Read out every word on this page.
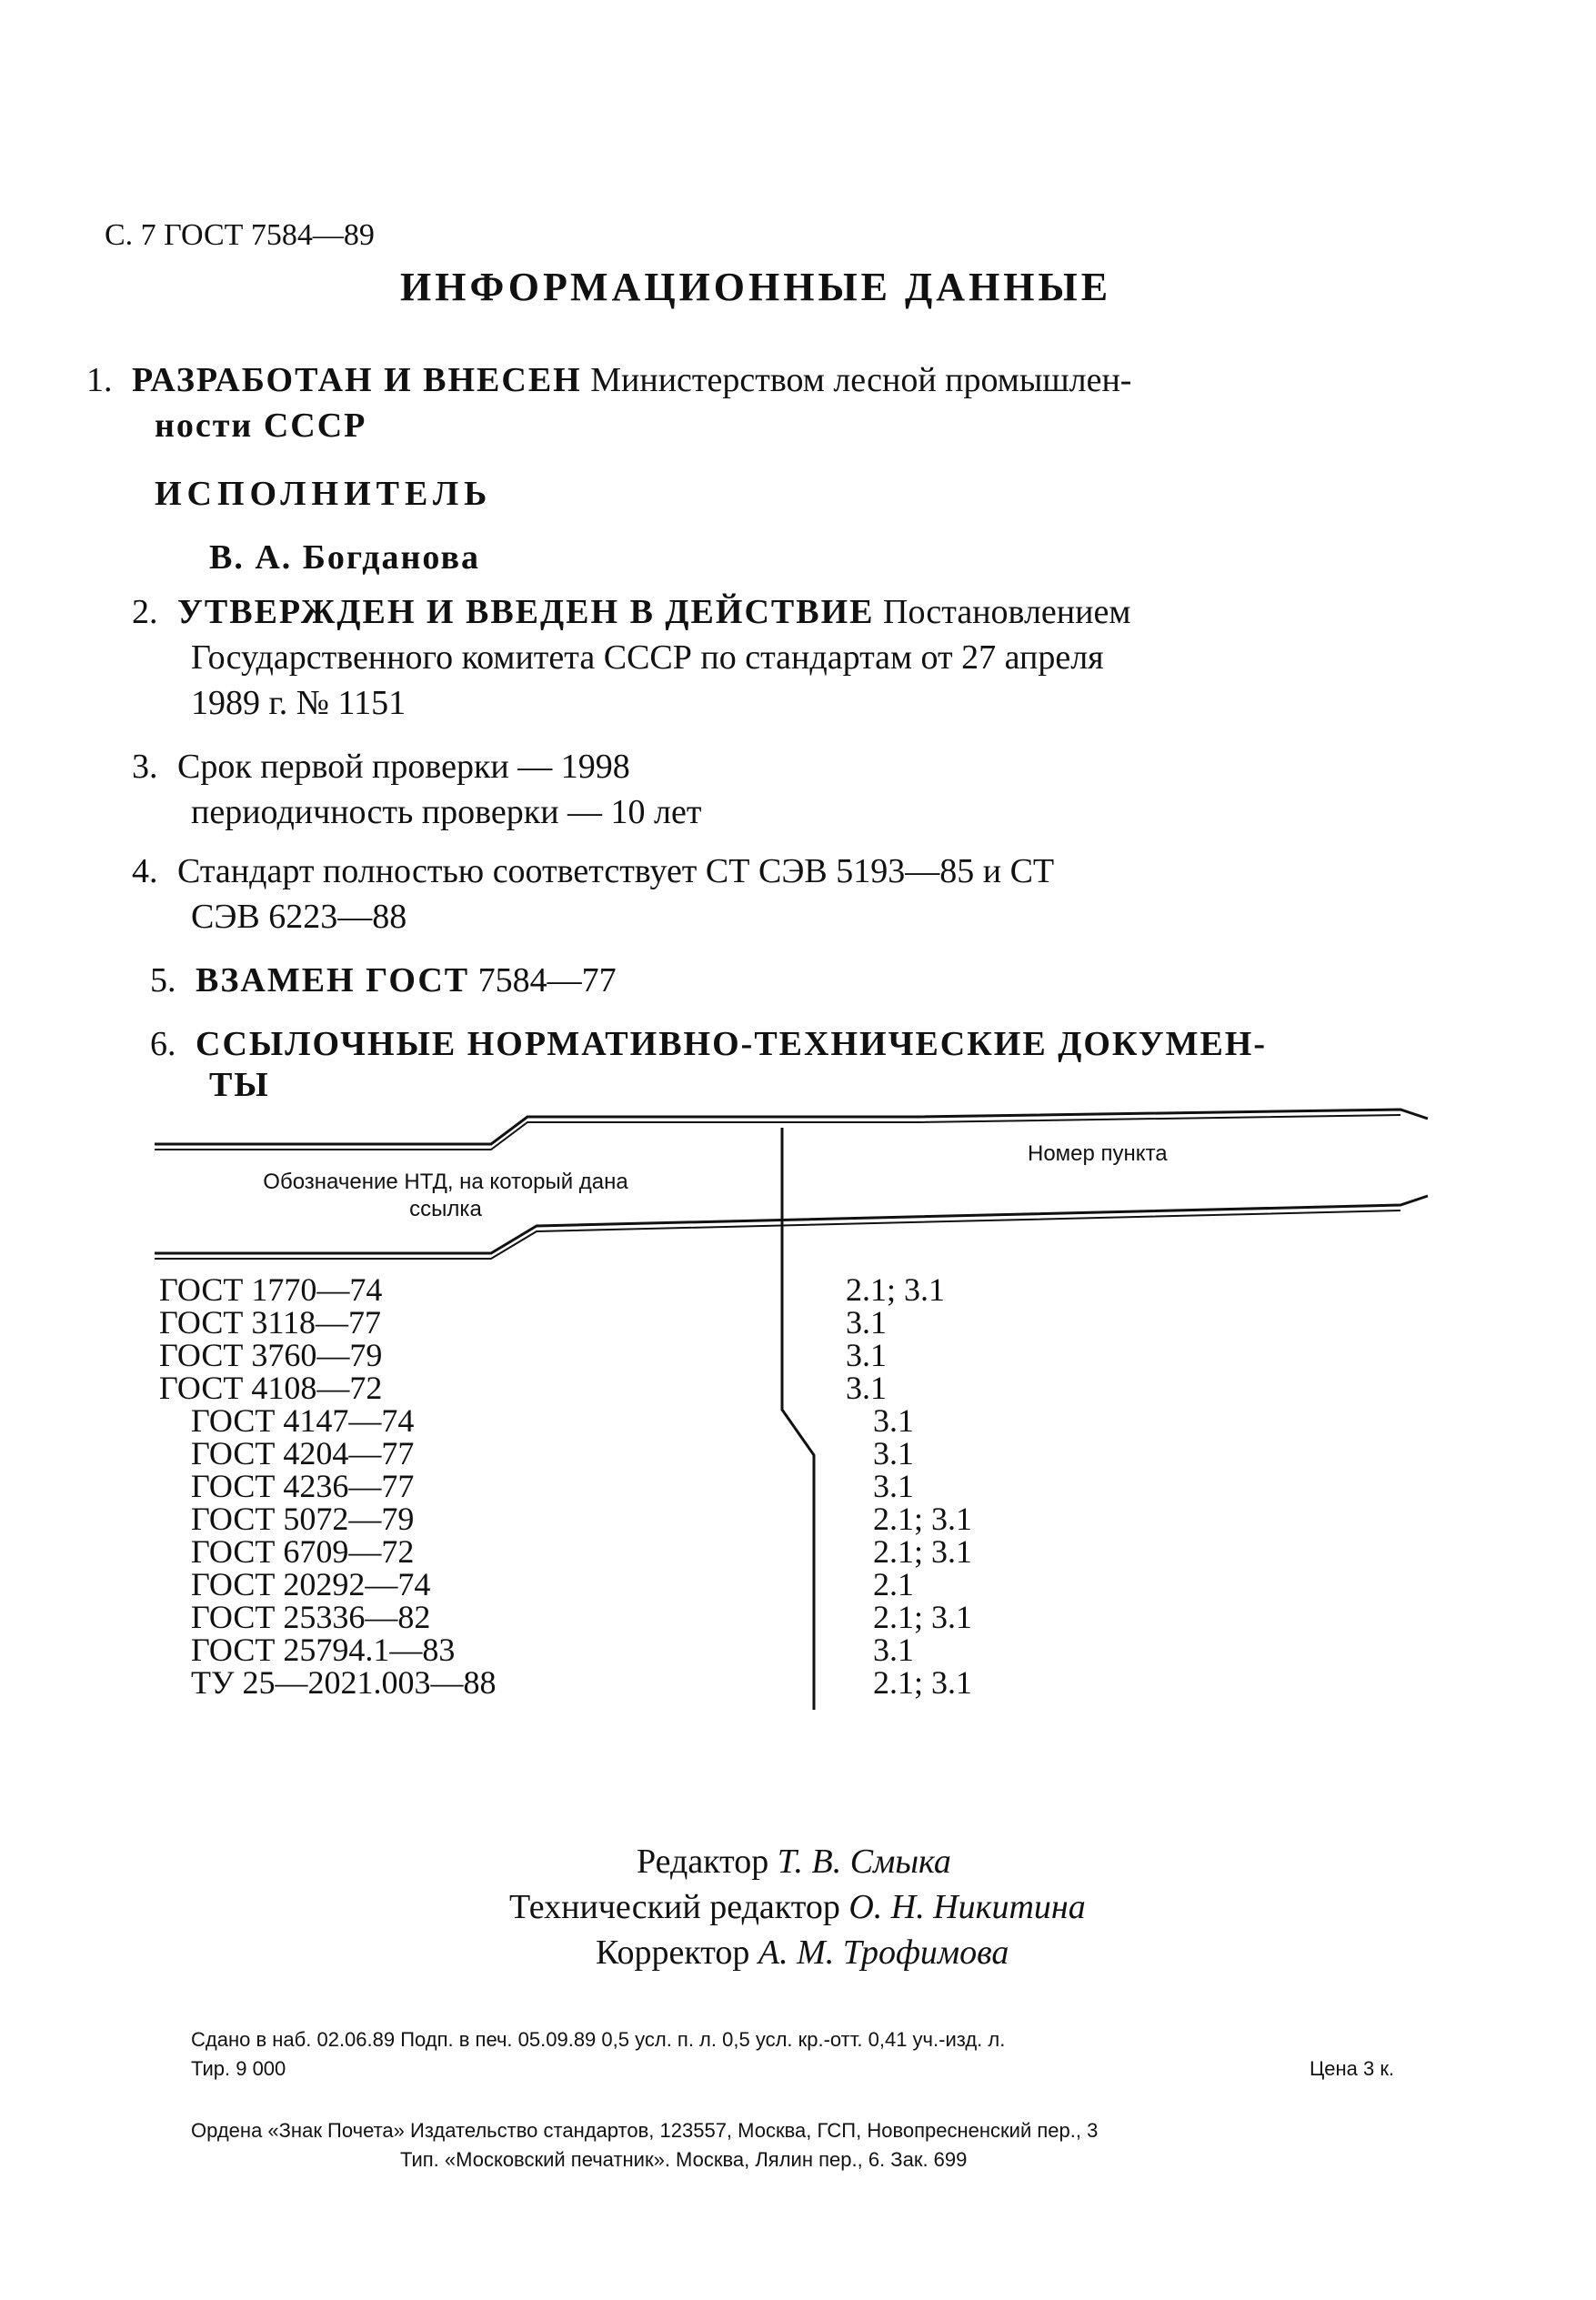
С. 7 ГОСТ 7584—89
ИНФОРМАЦИОННЫЕ ДАННЫЕ
1. РАЗРАБОТАН И ВНЕСЕН Министерством лесной промышлен-
ности СССР
ИСПОЛНИТЕЛЬ
В. А. Богданова
2. УТВЕРЖДЕН И ВВЕДЕН В ДЕЙСТВИЕ Постановлением
Государственного комитета СССР по стандартам от 27 апреля
1989 г. № 1151
3. Срок первой проверки — 1998
периодичность проверки — 10 лет
4. Стандарт полностью соответствует СТ СЭВ 5193—85 и СТ
СЭВ 6223—88
5. ВЗАМЕН ГОСТ 7584—77
6. ССЫЛОЧНЫЕ НОРМАТИВНО-ТЕХНИЧЕСКИЕ ДОКУМЕН-
ТЫ
Обозначение НТД, на который дана ссылка
Номер пункта
ГОСТ 1770—74	2.1; 3.1
ГОСТ 3118—77	3.1
ГОСТ 3760—79	3.1
ГОСТ 4108—72	3.1
ГОСТ 4147—74	3.1
ГОСТ 4204—77	3.1
ГОСТ 4236—77	3.1
ГОСТ 5072—79	2.1; 3.1
ГОСТ 6709—72	2.1; 3.1
ГОСТ 20292—74	2.1
ГОСТ 25336—82	2.1; 3.1
ГОСТ 25794.1—83	3.1
ТУ 25—2021.003—88	2.1; 3.1
Редактор Т. В. Смыка
Технический редактор О. Н. Никитина
Корректор А. М. Трофимова
Сдано в наб. 02.06.89 Подп. в печ. 05.09.89 0,5 усл. п. л. 0,5 усл. кр.-отт. 0,41 уч.-изд. л.
Тир. 9 000	Цена 3 к.
Ордена «Знак Почета» Издательство стандартов, 123557, Москва, ГСП, Новопресненский пер., 3
Тип. «Московский печатник». Москва, Лялин пер., 6. Зак. 699
